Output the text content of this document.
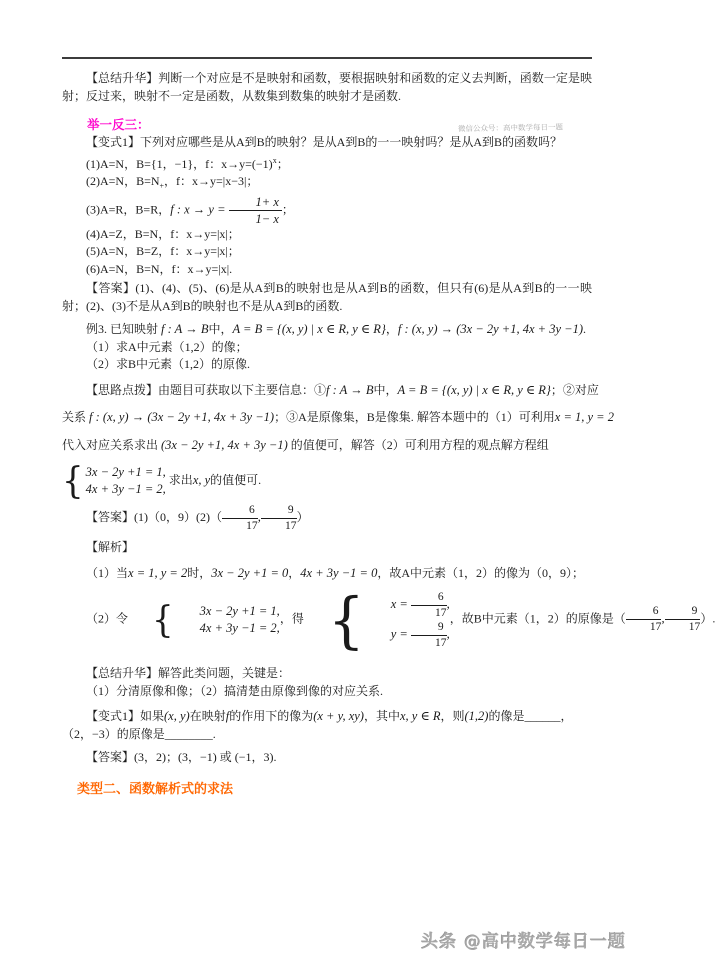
【总结升华】判断一个对应是不是映射和函数，要根据映射和函数的定义去判断，函数一定是映射；反过来，映射不一定是函数，从数集到数集的映射才是函数.

举一反三：

【变式1】下列对应哪些是从A到B的映射？是从A到B的一一映射吗？是从A到B的函数吗？

(1)A=N，B={1，−1}，f：$x\to y=(-1)^x$；

(2)A=N，$B=N_+$，f：x→y=|x−3|；

(3)A=R，B=R，f : $x \to y = \frac{1+ x}{1- x}$ ；

(4)A=Z，B=N，f：x→y=|x|；

(5)A=N，B=Z，f：x→y=|x|；

(6)A=N，B=N，f：x→y=|x|.

【答案】(1)、(4)、(5)、(6)是从A到B的映射也是从A到B的函数，但只有(6)是从A到B的一一映射；(2)、(3)不是从A到B的映射也不是从A到B的函数.

例3. 已知映射 f : A → B中，A = B = {(x, y) | x ∈ R, y ∈ R}，f : (x, y) → (3x − 2y +1, 4x + 3y −1).

（1）求A中元素（1,2）的像；

（2）求B中元素（1,2）的原像.

【思路点拨】由题目可获取以下主要信息：①f : A → B中，A = B = {(x, y) | x ∈ R, y ∈ R}；②对应

关系 f : (x, y) → (3x − 2y +1, 4x + 3y −1)；③A是原像集，B是像集. 解答本题中的（1）可利用x = 1, y = 2

代入对应关系求出 (3x − 2y +1, 4x + 3y −1) 的值便可，解答（2）可利用方程的观点解方程组

{ 3x − 2y +1 = 1,
4x + 3y −1 = 2,
求出x, y的值便可.

【答案】(1)（0，$9)(2)( \frac{6}{17}$ , $\frac{9}{17}$ ）

【解析】

（1）当x = 1, y = 2时，3x − 2y +1 = 0，4x + 3y −1 = 0，故A中元素（1，2）的像为（0，9）；

（2）令 {	3x − 2y +1 = 1,
4x + 3y −1 = 2,
，得 {	$x = \frac{6}{17}$ ,
$y = \frac{9}{17}$ ,
，故B中元素（1，2）的原像是（ $\frac{6}{17}$ , $\frac{9}{17}$ ）.

【总结升华】解答此类问题，关键是：

（1）分清原像和像；（2）搞清楚由原像到像的对应关系.

【变式1】如果(x, y)在映射f的作用下的像为(x + y, xy)，其中x, y ∈ R，则(1,2)的像是______，

（2，−3）的原像是________.

【答案】(3，2)；(3，−1) 或 (−1，3).

类型二、函数解析式的求法

微信公众号：高中数学每日一题
头条 @高中数学每日一题
